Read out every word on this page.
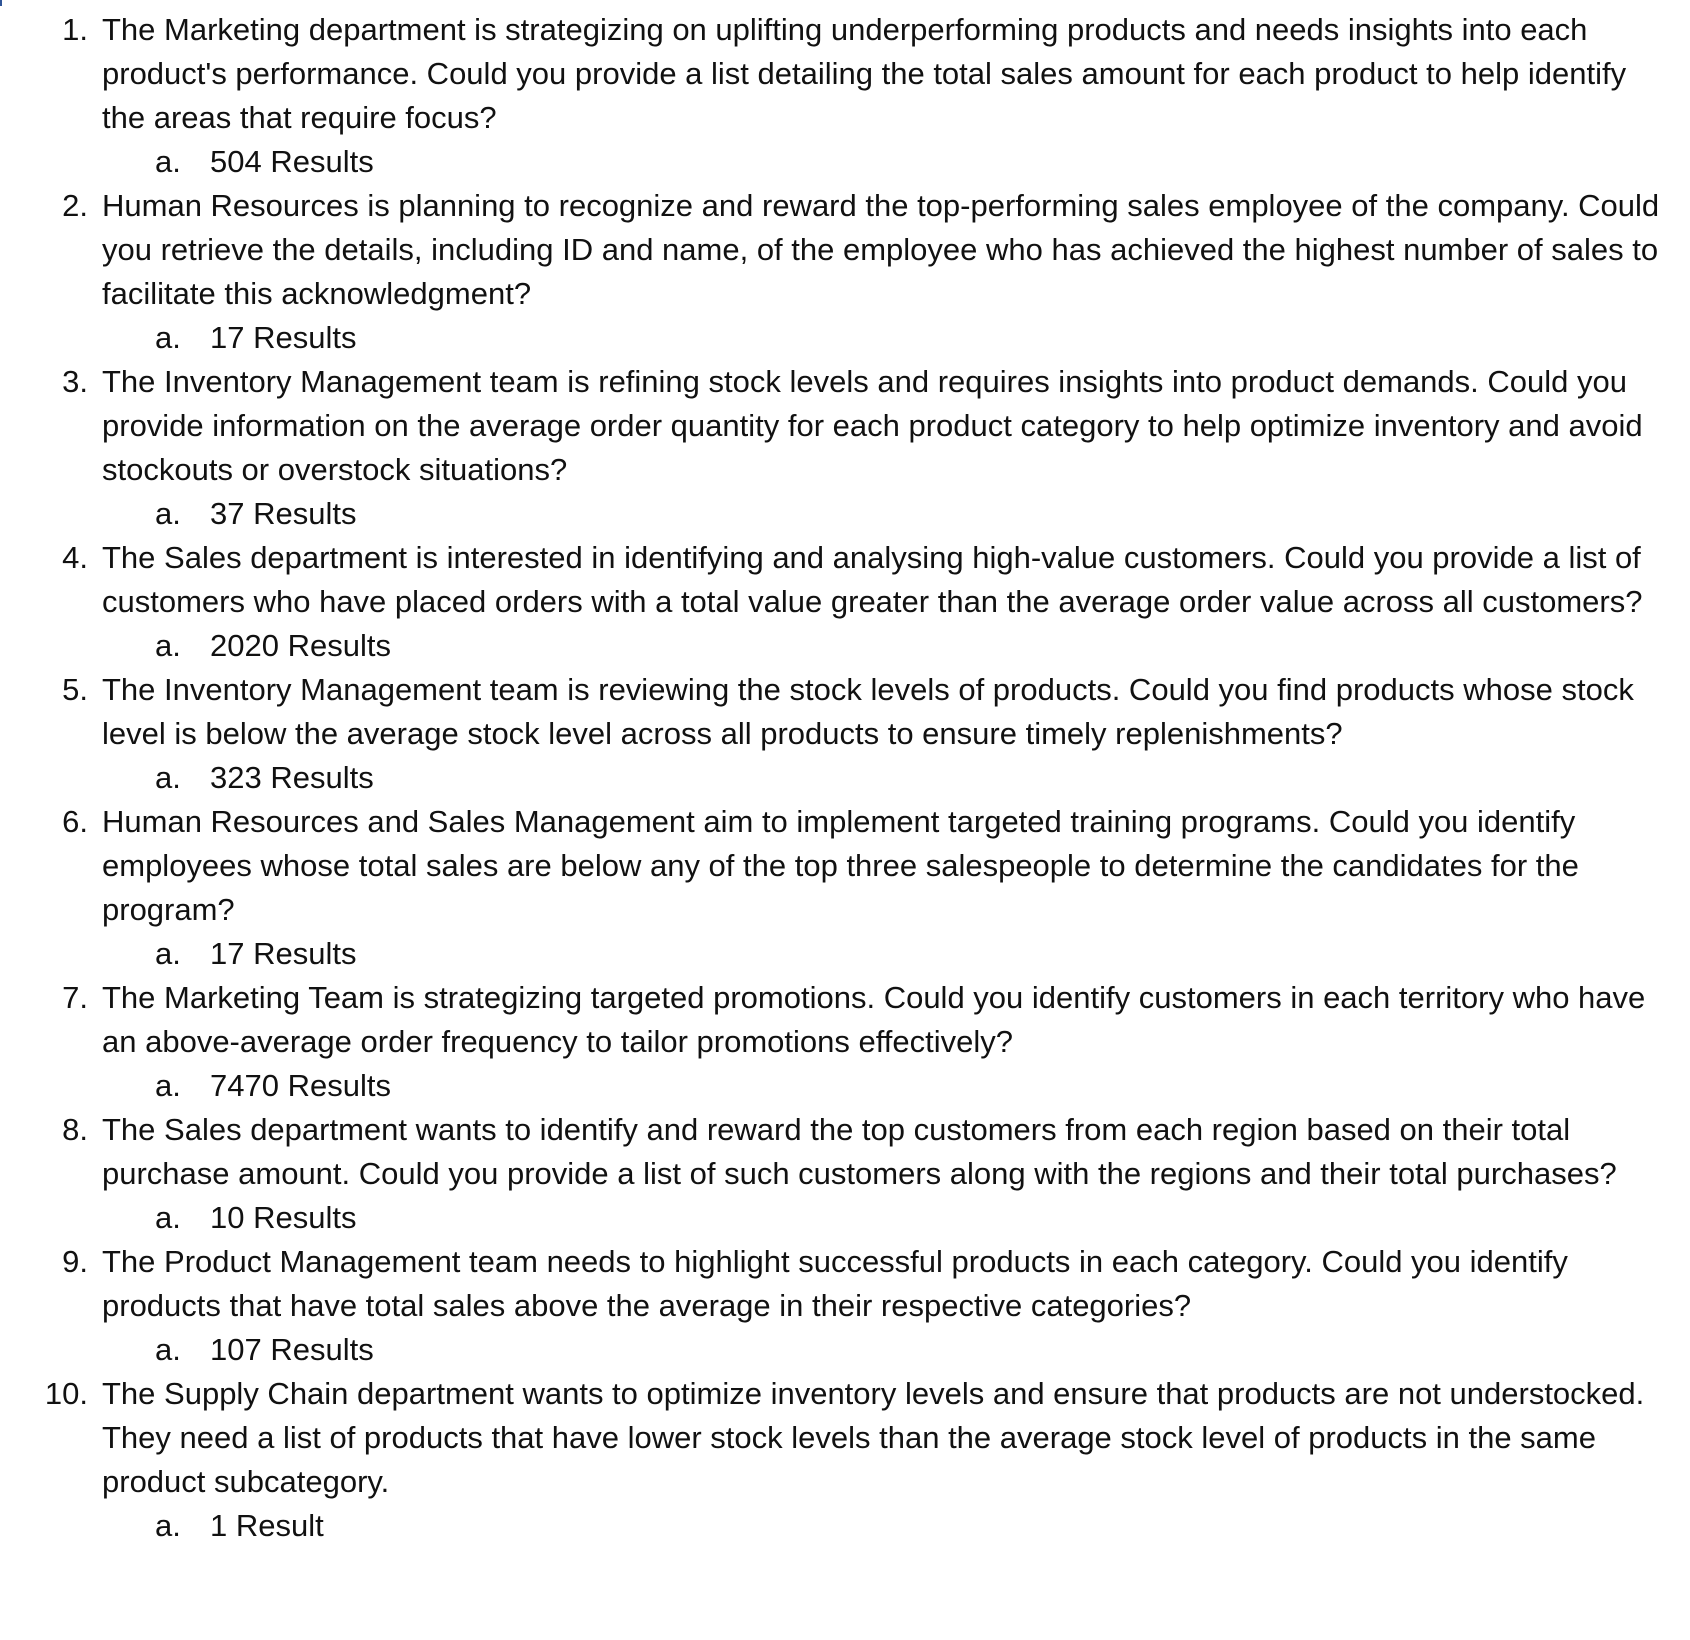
1. The Marketing department is strategizing on uplifting underperforming products and needs insights into each product's performance. Could you provide a list detailing the total sales amount for each product to help identify the areas that require focus?

a. 504 Results
2. Human Resources is planning to recognize and reward the top-performing sales employee of the company. Could you retrieve the details, including ID and name, of the employee who has achieved the highest number of sales to facilitate this acknowledgment?

a. 17 Results
3. The Inventory Management team is refining stock levels and requires insights into product demands. Could you provide information on the average order quantity for each product category to help optimize inventory and avoid stockouts or overstock situations?

a. 37 Results
4. The Sales department is interested in identifying and analysing high-value customers. Could you provide a list of customers who have placed orders with a total value greater than the average order value across all customers?

a. 2020 Results
5. The Inventory Management team is reviewing the stock levels of products. Could you find products whose stock level is below the average stock level across all products to ensure timely replenishments?

a. 323 Results
6. Human Resources and Sales Management aim to implement targeted training programs. Could you identify employees whose total sales are below any of the top three salespeople to determine the candidates for the program?

a. 17 Results
7. The Marketing Team is strategizing targeted promotions. Could you identify customers in each territory who have an above-average order frequency to tailor promotions effectively?

a. 7470 Results
8. The Sales department wants to identify and reward the top customers from each region based on their total purchase amount. Could you provide a list of such customers along with the regions and their total purchases?

a. 10 Results
9. The Product Management team needs to highlight successful products in each category. Could you identify products that have total sales above the average in their respective categories?

a. 107 Results
10. The Supply Chain department wants to optimize inventory levels and ensure that products are not understocked. They need a list of products that have lower stock levels than the average stock level of products in the same product subcategory.

a. 1 Result
